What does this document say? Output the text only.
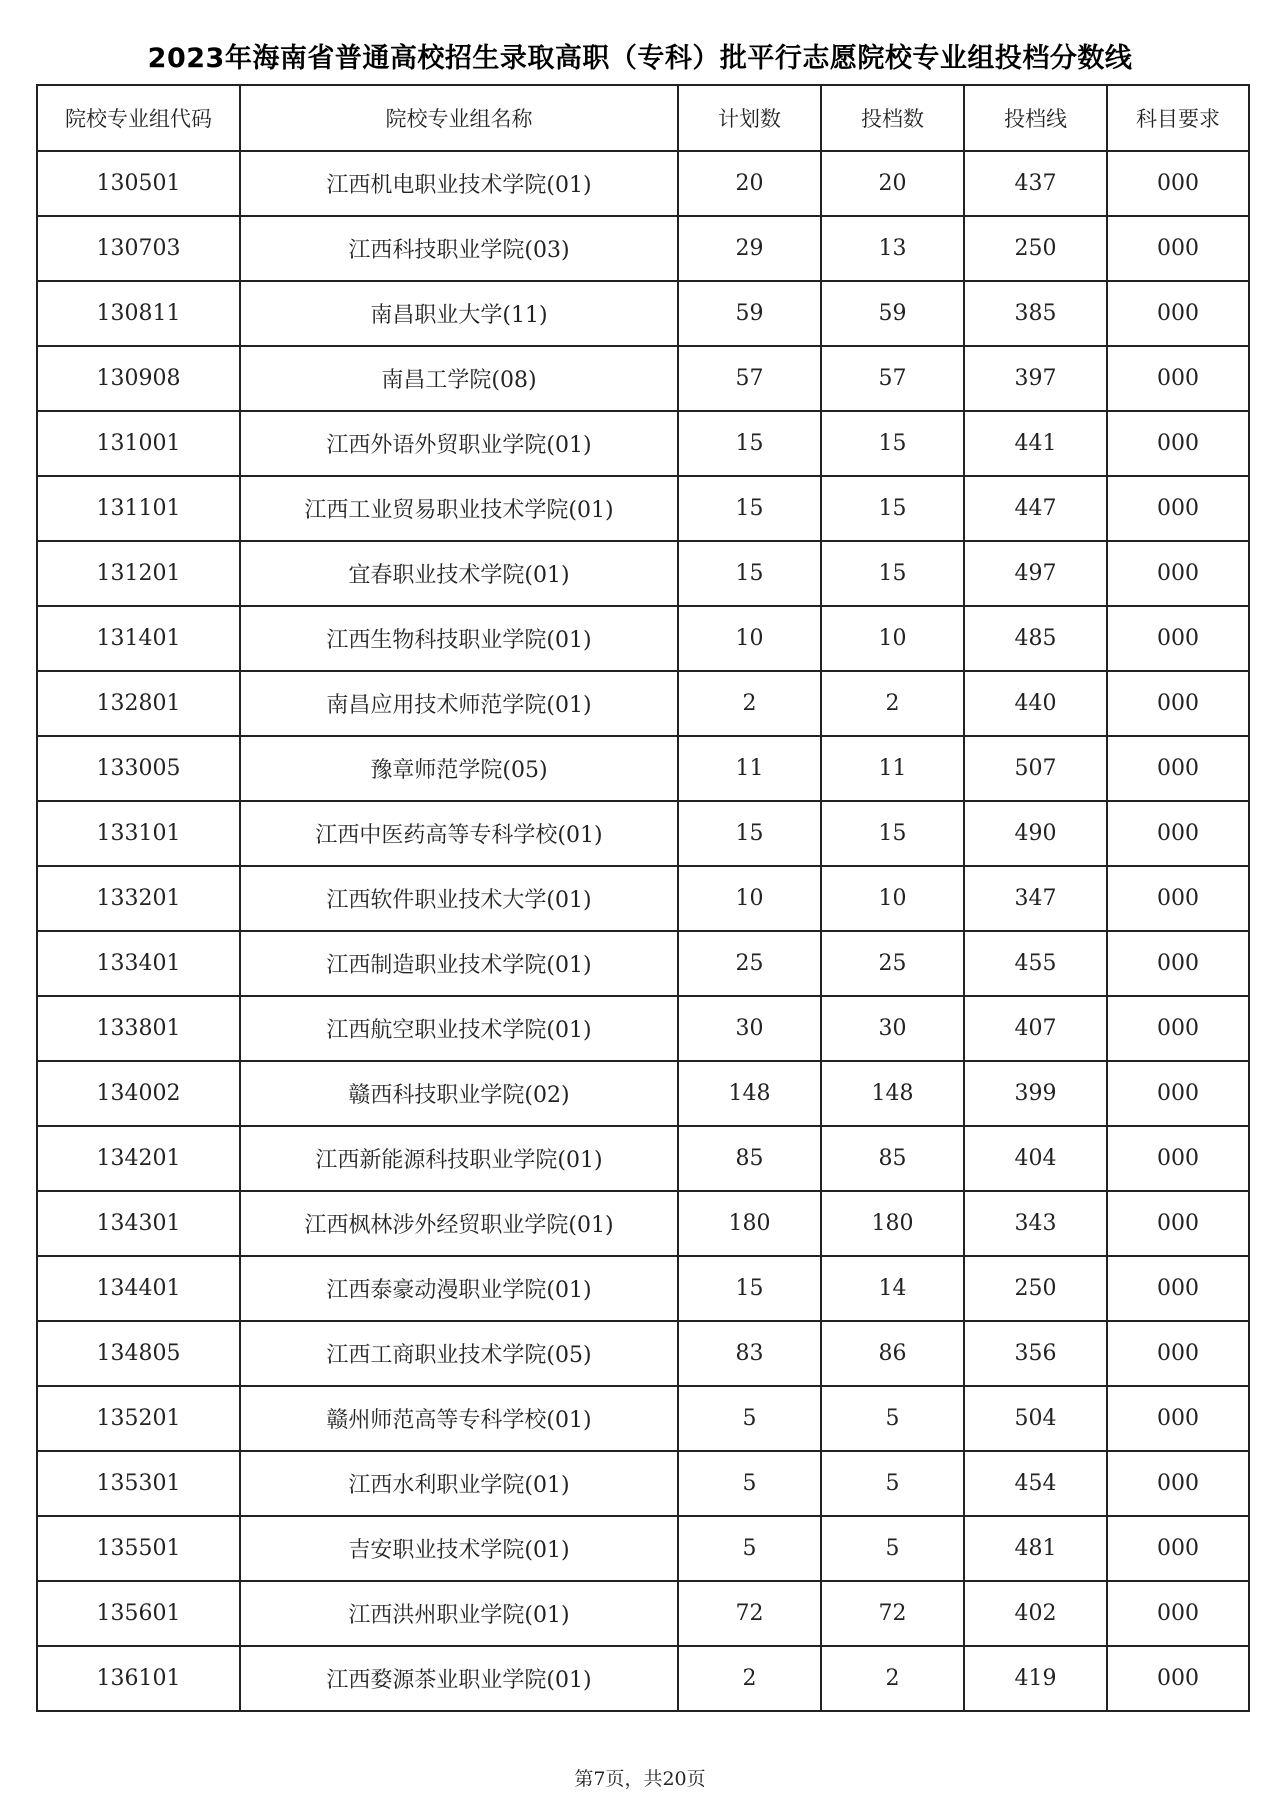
2023年海南省普通高校招生录取高职（专科）批平行志愿院校专业组投档分数线
院校专业组代码	院校专业组名称	计划数	投档数	投档线	科目要求
130501	江西机电职业技术学院(01)	20	20	437	000
130703	江西科技职业学院(03)	29	13	250	000
130811	南昌职业大学(11)	59	59	385	000
130908	南昌工学院(08)	57	57	397	000
131001	江西外语外贸职业学院(01)	15	15	441	000
131101	江西工业贸易职业技术学院(01)	15	15	447	000
131201	宜春职业技术学院(01)	15	15	497	000
131401	江西生物科技职业学院(01)	10	10	485	000
132801	南昌应用技术师范学院(01)	2	2	440	000
133005	豫章师范学院(05)	11	11	507	000
133101	江西中医药高等专科学校(01)	15	15	490	000
133201	江西软件职业技术大学(01)	10	10	347	000
133401	江西制造职业技术学院(01)	25	25	455	000
133801	江西航空职业技术学院(01)	30	30	407	000
134002	赣西科技职业学院(02)	148	148	399	000
134201	江西新能源科技职业学院(01)	85	85	404	000
134301	江西枫林涉外经贸职业学院(01)	180	180	343	000
134401	江西泰豪动漫职业学院(01)	15	14	250	000
134805	江西工商职业技术学院(05)	83	86	356	000
135201	赣州师范高等专科学校(01)	5	5	504	000
135301	江西水利职业学院(01)	5	5	454	000
135501	吉安职业技术学院(01)	5	5	481	000
135601	江西洪州职业学院(01)	72	72	402	000
136101	江西婺源茶业职业学院(01)	2	2	419	000
第7页，共20页
